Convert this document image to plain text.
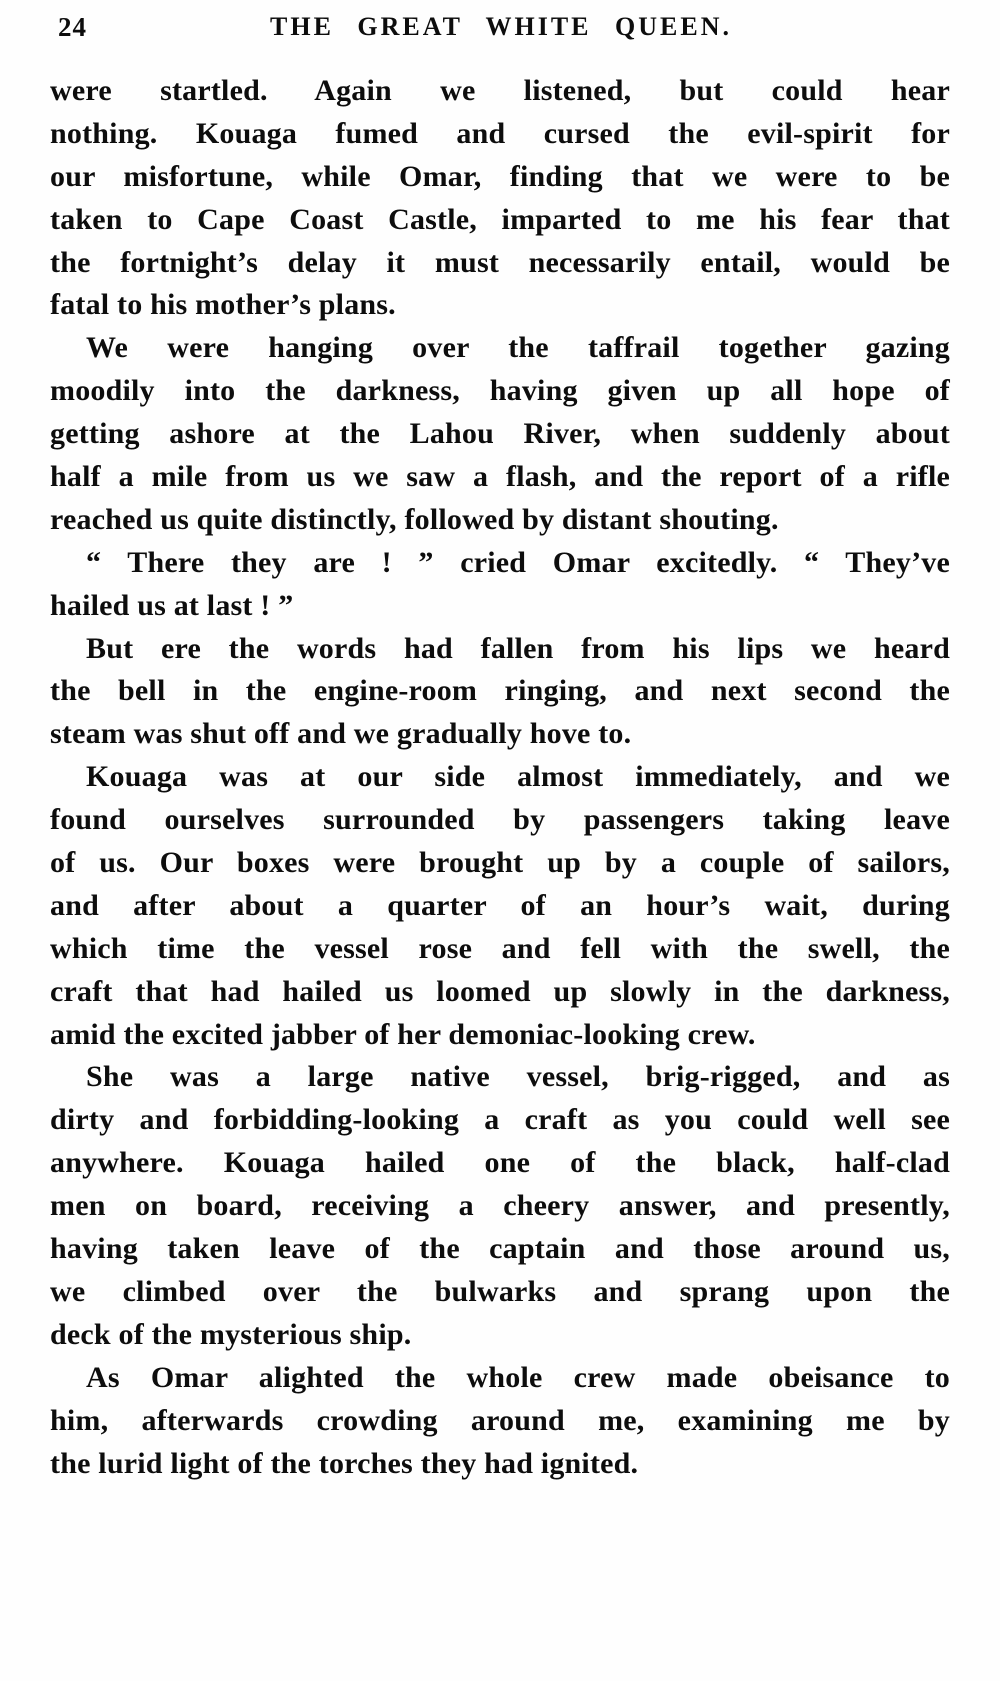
24	THE GREAT WHITE QUEEN.
were startled. Again we listened, but could hear
nothing. Kouaga fumed and cursed the evil-spirit for
our misfortune, while Omar, finding that we were to be
taken to Cape Coast Castle, imparted to me his fear that
the fortnight’s delay it must necessarily entail, would be
fatal to his mother’s plans.
We were hanging over the taffrail together gazing
moodily into the darkness, having given up all hope of
getting ashore at the Lahou River, when suddenly about
half a mile from us we saw a flash, and the report of a rifle
reached us quite distinctly, followed by distant shouting.
“ There they are ! ” cried Omar excitedly. “ They’ve
hailed us at last ! ”
But ere the words had fallen from his lips we heard
the bell in the engine-room ringing, and next second the
steam was shut off and we gradually hove to.
Kouaga was at our side almost immediately, and we
found ourselves surrounded by passengers taking leave
of us. Our boxes were brought up by a couple of sailors,
and after about a quarter of an hour’s wait, during
which time the vessel rose and fell with the swell, the
craft that had hailed us loomed up slowly in the darkness,
amid the excited jabber of her demoniac-looking crew.
She was a large native vessel, brig-rigged, and as
dirty and forbidding-looking a craft as you could well see
anywhere. Kouaga hailed one of the black, half-clad
men on board, receiving a cheery answer, and presently,
having taken leave of the captain and those around us,
we climbed over the bulwarks and sprang upon the
deck of the mysterious ship.
As Omar alighted the whole crew made obeisance to
him, afterwards crowding around me, examining me by
the lurid light of the torches they had ignited.
